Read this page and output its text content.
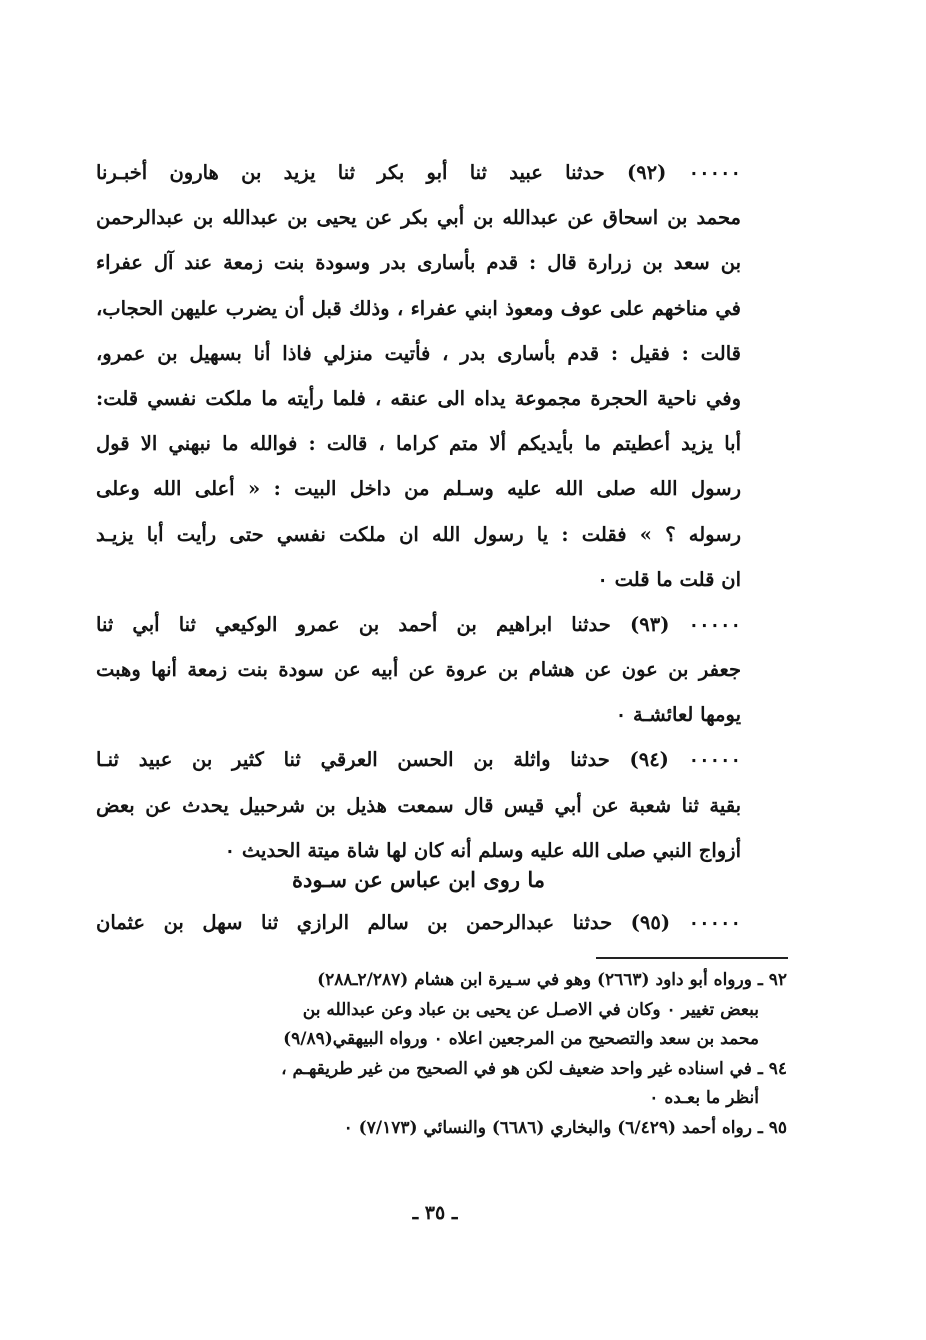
٠٠٠٠٠ (٩٢) حدثنا عبيد ثنا أبو بكر ثنا يزيد بن هارون أخبـرنا
محمد بن اسحاق عن عبدالله بن أبي بكر عن يحيى بن عبدالله بن عبدالرحمن
بن سعد بن زرارة قال : قدم بأسارى بدر وسودة بنت زمعة عند آل عفراء
في مناخهم على عوف ومعوذ ابني عفراء ، وذلك قبل أن يضرب عليهن الحجاب،
قالت : فقيل : قدم بأسارى بدر ، فأتيت منزلي فاذا أنا بسهيل بن عمرو،
وفي ناحية الحجرة مجموعة يداه الى عنقه ، فلما رأيته ما ملكت نفسي قلت:
أبا يزيد أعطيتم ما بأيديكم ألا متم كراما ، قالت : فوالله ما نبهني الا قول
رسول الله صلى الله عليه وسـلم من داخل البيت : « أعلى الله وعلى
رسوله ؟ » فقلت : يا رسول الله ان ملكت نفسي حتى رأيت أبا يزيـد
ان قلت ما قلت ٠
٠٠٠٠٠ (٩٣) حدثنا ابراهيم بن أحمد بن عمرو الوكيعي ثنا أبي ثنا
جعفر بن عون عن هشام بن عروة عن أبيه عن سودة بنت زمعة أنها وهبت
يومها لعائشـة ٠
٠٠٠٠٠ (٩٤) حدثنا واثلة بن الحسن العرقي ثنا كثير بن عبيد ثنـا
بقية ثنا شعبة عن أبي قيس قال سمعت هذيل بن شرحبيل يحدث عن بعض
أزواج النبي صلى الله عليه وسلم أنه كان لها شاة ميتة الحديث ٠
ما روى ابن عباس عن سـودة
٠٠٠٠٠ (٩٥) حدثنا عبدالرحمن بن سالم الرازي ثنا سهل بن عثمان
٩٢ ـ ورواه أبو داود (٢٦٦٣) وهو في سـيرة ابن هشام (٢/٢٨٧ـ٢٨٨)
ببعض تغيير ٠ وكان في الاصـل عن يحيى بن عباد وعن عبدالله بن
محمد بن سعد والتصحيح من المرجعين اعلاه ٠ ورواه البيهقي(٩/٨٩)
٩٤ ـ في اسناده غير واحد ضعيف لكن هو في الصحيح من غير طريقهـم ،
أنظر ما بعـده ٠
٩٥ ـ رواه أحمد (٦/٤٢٩) والبخاري (٦٦٨٦) والنسائي (٧/١٧٣) ٠
ـ ٣٥ ـ
